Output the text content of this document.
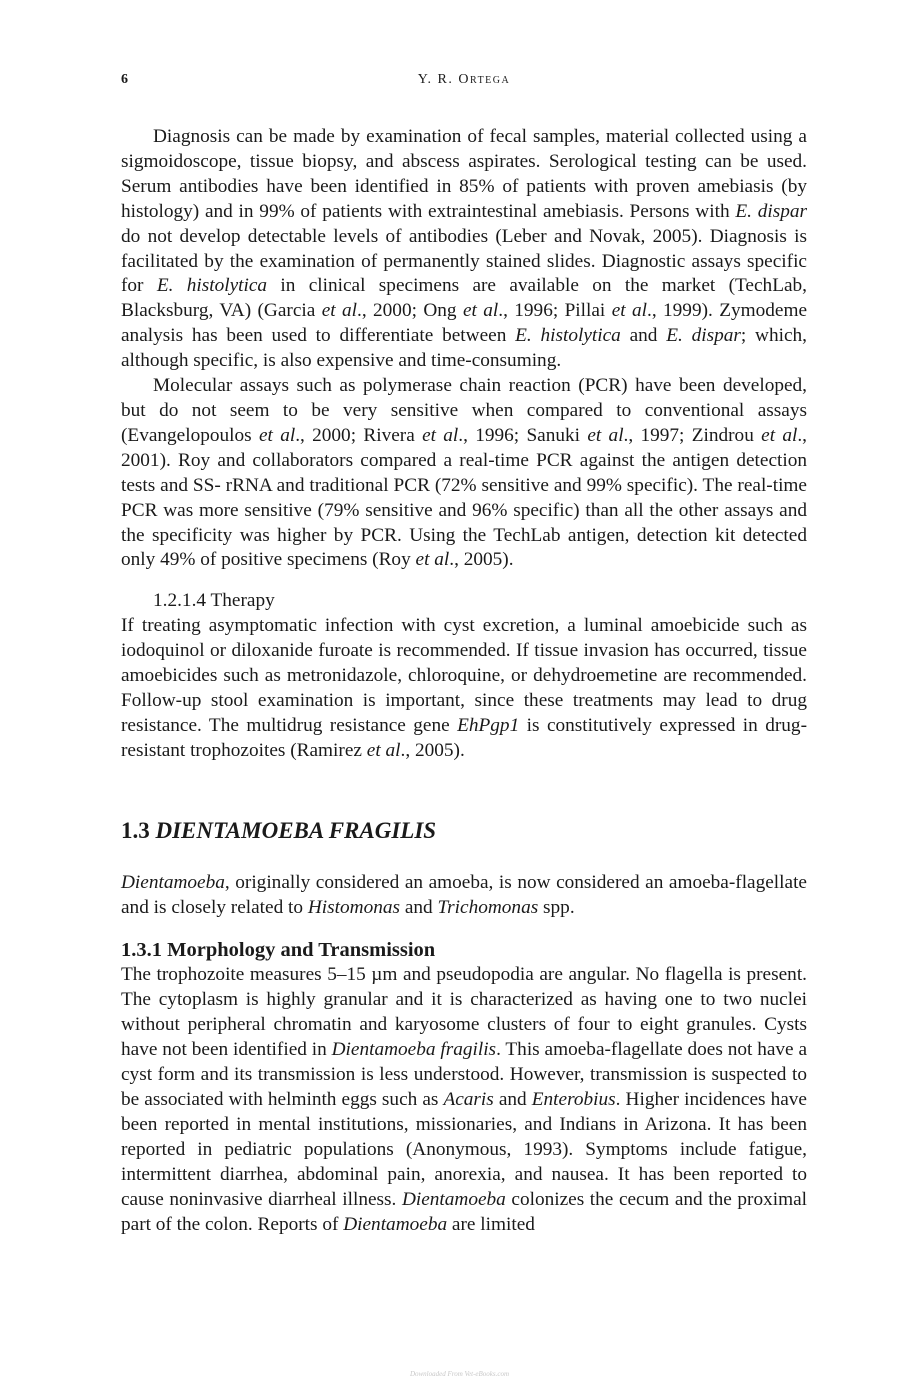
6	Y. R. Ortega

Diagnosis can be made by examination of fecal samples, material collected using a sigmoidoscope, tissue biopsy, and abscess aspirates. Serological testing can be used. Serum antibodies have been identified in 85% of patients with proven amebiasis (by histology) and in 99% of patients with extraintestinal amebiasis. Persons with E. dispar do not develop detectable levels of antibodies (Leber and Novak, 2005). Diagnosis is facilitated by the examination of permanently stained slides. Diagnostic assays specific for E. histolytica in clinical specimens are available on the market (TechLab, Blacksburg, VA) (Garcia et al., 2000; Ong et al., 1996; Pillai et al., 1999). Zymodeme analysis has been used to differentiate between E. histolytica and E. dispar; which, although specific, is also expensive and time-consuming.

Molecular assays such as polymerase chain reaction (PCR) have been developed, but do not seem to be very sensitive when compared to conventional assays (Evangelopoulos et al., 2000; Rivera et al., 1996; Sanuki et al., 1997; Zindrou et al., 2001). Roy and collaborators compared a real-time PCR against the antigen detection tests and SS- rRNA and traditional PCR (72% sensitive and 99% specific). The real-time PCR was more sensitive (79% sensitive and 96% specific) than all the other assays and the specificity was higher by PCR. Using the TechLab antigen, detection kit detected only 49% of positive specimens (Roy et al., 2005).

1.2.1.4 Therapy

If treating asymptomatic infection with cyst excretion, a luminal amoebicide such as iodoquinol or diloxanide furoate is recommended. If tissue invasion has occurred, tissue amoebicides such as metronidazole, chloroquine, or dehydroemetine are recommended. Follow-up stool examination is important, since these treatments may lead to drug resistance. The multidrug resistance gene EhPgp1 is constitutively expressed in drug-resistant trophozoites (Ramirez et al., 2005).

1.3 DIENTAMOEBA FRAGILIS

Dientamoeba, originally considered an amoeba, is now considered an amoeba-flagellate and is closely related to Histomonas and Trichomonas spp.

1.3.1 Morphology and Transmission

The trophozoite measures 5–15 µm and pseudopodia are angular. No flagella is present. The cytoplasm is highly granular and it is characterized as having one to two nuclei without peripheral chromatin and karyosome clusters of four to eight granules. Cysts have not been identified in Dientamoeba fragilis. This amoeba-flagellate does not have a cyst form and its transmission is less understood. However, transmission is suspected to be associated with helminth eggs such as Acaris and Enterobius. Higher incidences have been reported in mental institutions, missionaries, and Indians in Arizona. It has been reported in pediatric populations (Anonymous, 1993). Symptoms include fatigue, intermittent diarrhea, abdominal pain, anorexia, and nausea. It has been reported to cause noninvasive diarrheal illness. Dientamoeba colonizes the cecum and the proximal part of the colon. Reports of Dientamoeba are limited

Downloaded From Vet-eBooks.com
